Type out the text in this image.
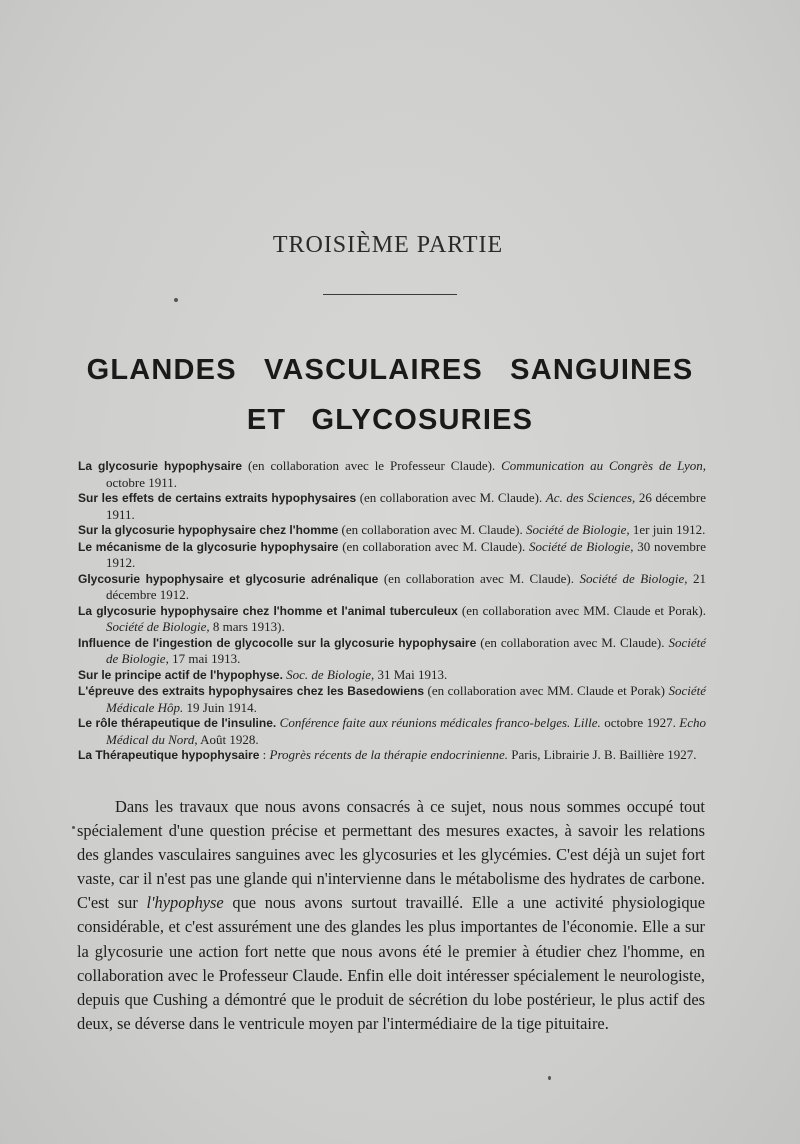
TROISIÈME PARTIE
GLANDES VASCULAIRES SANGUINES
ET GLYCOSURIES

La glycosurie hypophysaire (en collaboration avec le Professeur Claude). Communication au Congrès de Lyon, octobre 1911.

Sur les effets de certains extraits hypophysaires (en collaboration avec M. Claude). Ac. des Sciences, 26 décembre 1911.

Sur la glycosurie hypophysaire chez l'homme (en collaboration avec M. Claude). Société de Biologie, 1er juin 1912.

Le mécanisme de la glycosurie hypophysaire (en collaboration avec M. Claude). Société de Biologie, 30 novembre 1912.

Glycosurie hypophysaire et glycosurie adrénalique (en collaboration avec M. Claude). Société de Biologie, 21 décembre 1912.

La glycosurie hypophysaire chez l'homme et l'animal tuberculeux (en collaboration avec MM. Claude et Porak). Société de Biologie, 8 mars 1913).

Influence de l'ingestion de glycocolle sur la glycosurie hypophysaire (en collaboration avec M. Claude). Société de Biologie, 17 mai 1913.

Sur le principe actif de l'hypophyse. Soc. de Biologie, 31 Mai 1913.

L'épreuve des extraits hypophysaires chez les Basedowiens (en collaboration avec MM. Claude et Porak) Société Médicale Hôp. 19 Juin 1914.

Le rôle thérapeutique de l'insuline. Conférence faite aux réunions médicales franco-belges. Lille. octobre 1927. Echo Médical du Nord, Août 1928.

La Thérapeutique hypophysaire : Progrès récents de la thérapie endocrinienne. Paris, Librairie J. B. Baillière 1927.

Dans les travaux que nous avons consacrés à ce sujet, nous nous sommes occupé tout spécialement d'une question précise et permettant des mesures exactes, à savoir les relations des glandes vasculaires sanguines avec les glycosuries et les glycémies. C'est déjà un sujet fort vaste, car il n'est pas une glande qui n'intervienne dans le métabolisme des hydrates de carbone. C'est sur l'hypophyse que nous avons surtout travaillé. Elle a une activité physiologique considérable, et c'est assurément une des glandes les plus importantes de l'économie. Elle a sur la glycosurie une action fort nette que nous avons été le premier à étudier chez l'homme, en collaboration avec le Professeur Claude. Enfin elle doit intéresser spécialement le neurologiste, depuis que Cushing a démontré que le produit de sécrétion du lobe postérieur, le plus actif des deux, se déverse dans le ventricule moyen par l'intermédiaire de la tige pituitaire.
